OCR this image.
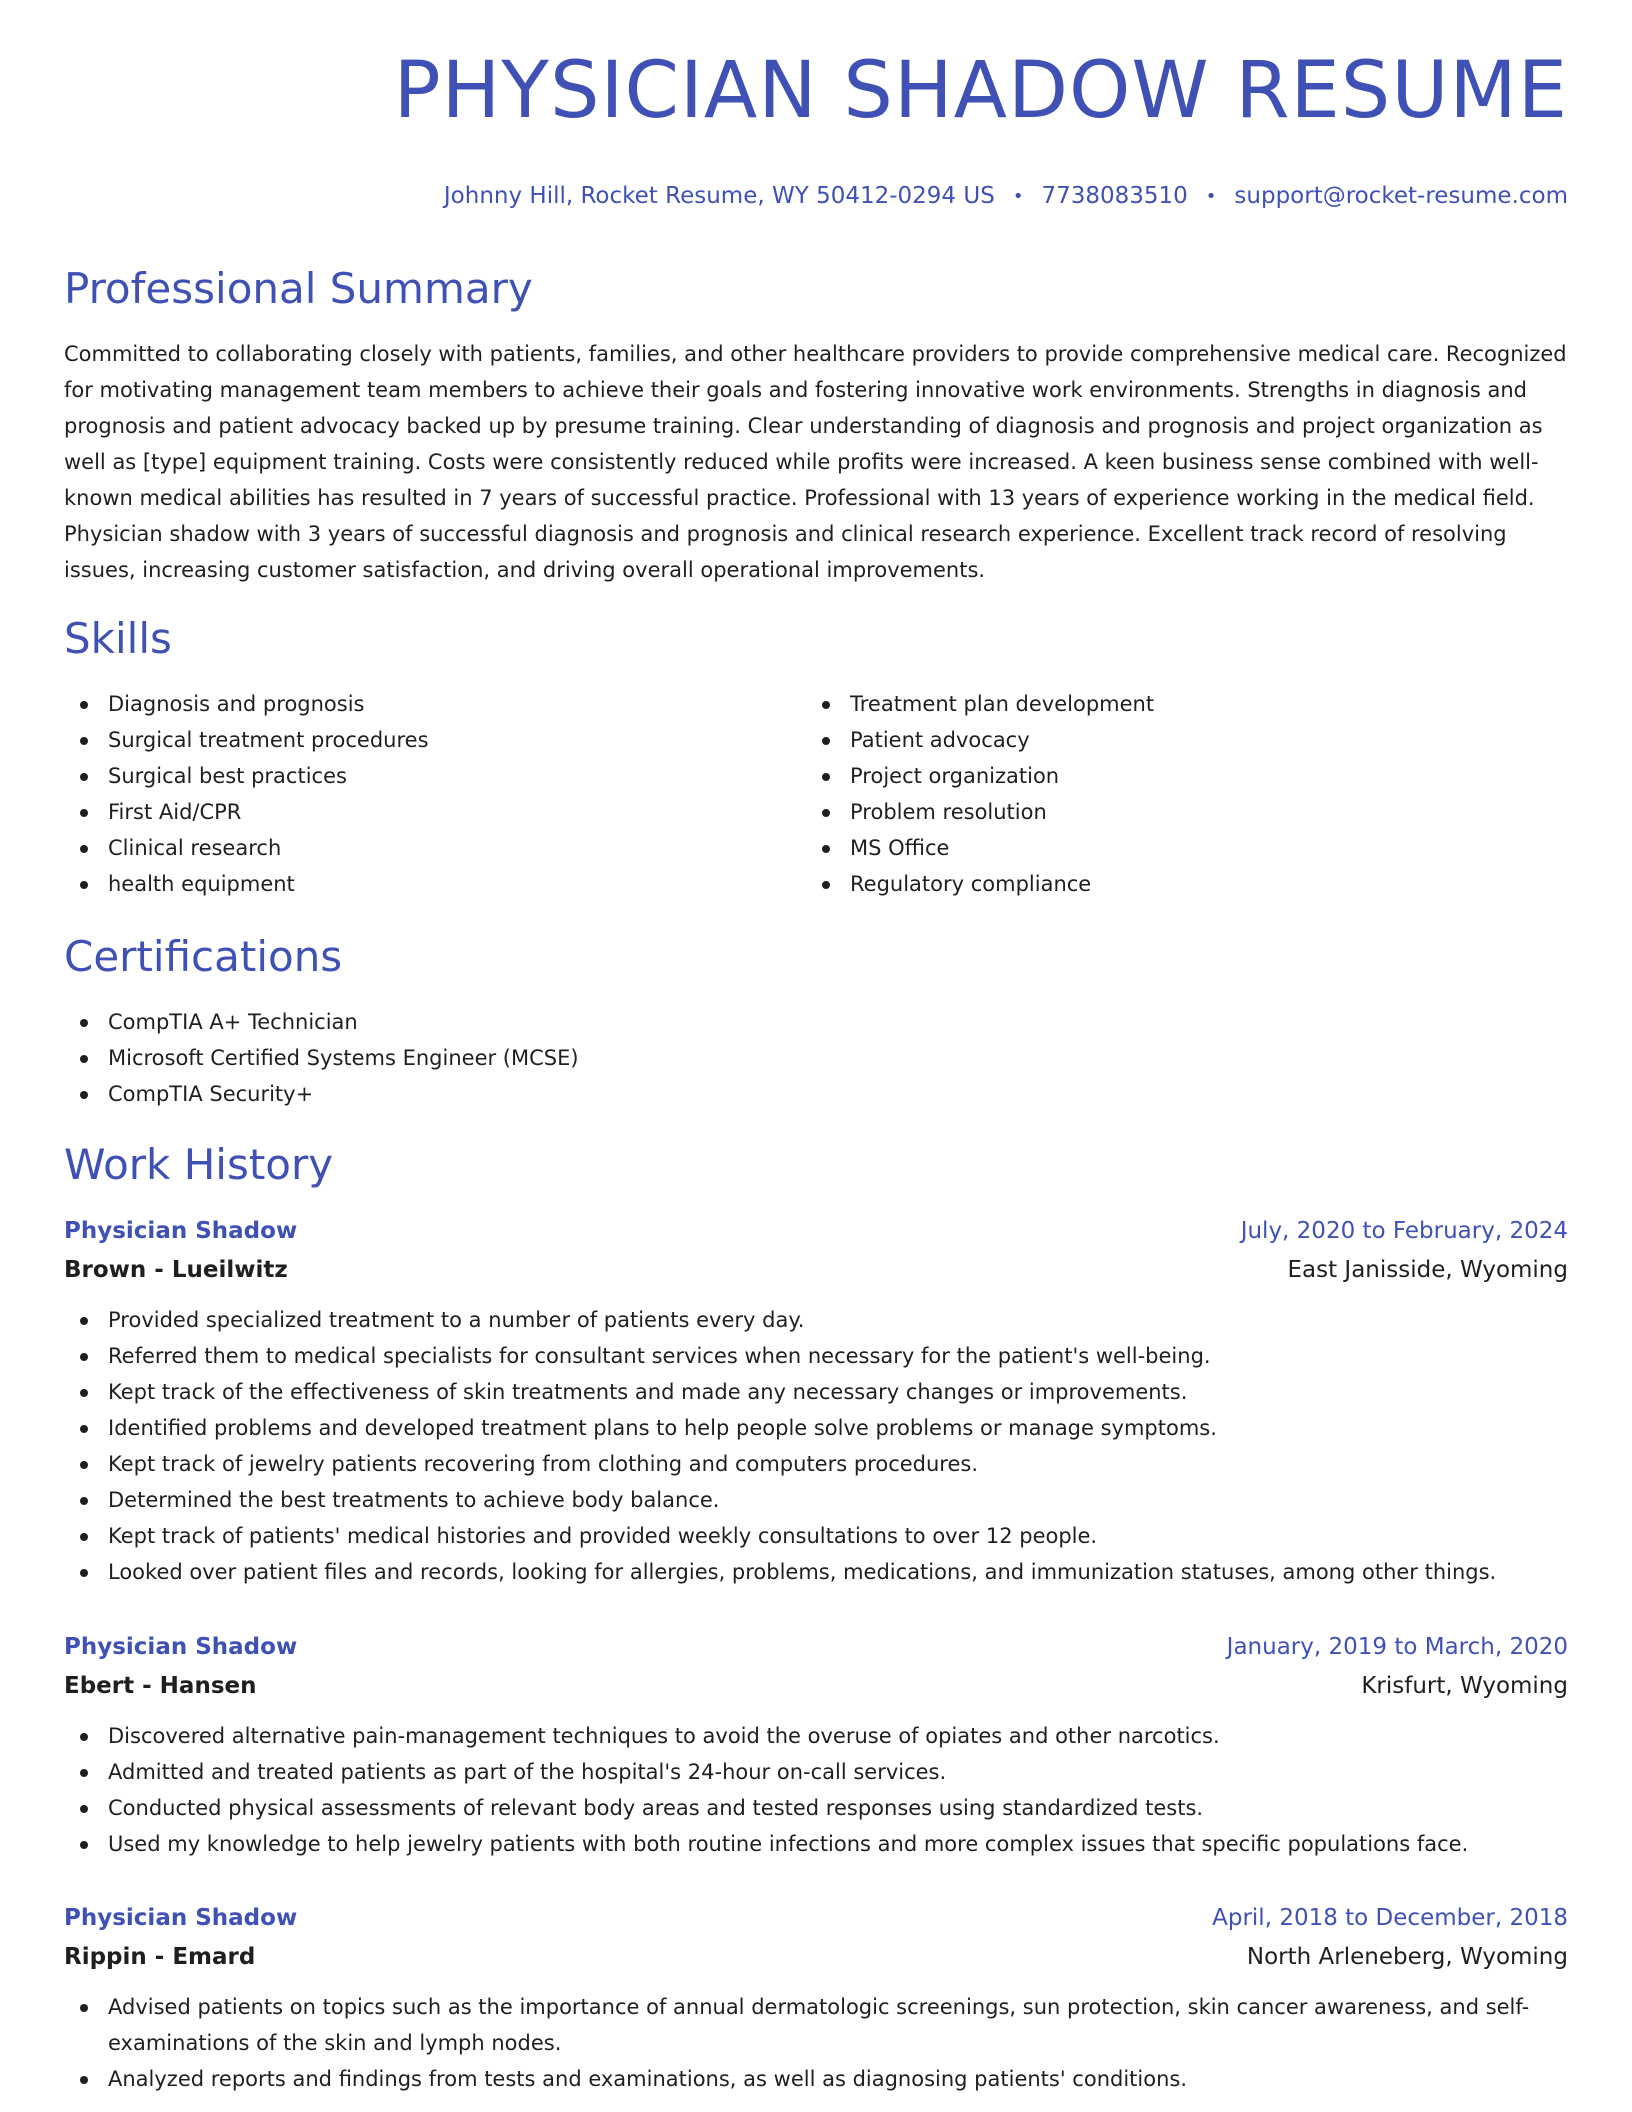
PHYSICIAN SHADOW RESUME
Johnny Hill, Rocket Resume, WY 50412-0294 US • 7738083510 • support@rocket-resume.com
Professional Summary

Committed to collaborating closely with patients, families, and other healthcare providers to provide comprehensive medical care. Recognized for motivating management team members to achieve their goals and fostering innovative work environments. Strengths in diagnosis and prognosis and patient advocacy backed up by presume training. Clear understanding of diagnosis and prognosis and project organization as well as [type] equipment training. Costs were consistently reduced while profits were increased. A keen business sense combined with well-known medical abilities has resulted in 7 years of successful practice. Professional with 13 years of experience working in the medical field. Physician shadow with 3 years of successful diagnosis and prognosis and clinical research experience. Excellent track record of resolving issues, increasing customer satisfaction, and driving overall operational improvements.

Skills
Diagnosis and prognosis
Surgical treatment procedures
Surgical best practices
First Aid/CPR
Clinical research
health equipment
Treatment plan development
Patient advocacy
Project organization
Problem resolution
MS Office
Regulatory compliance
Certifications
CompTIA A+ Technician
Microsoft Certified Systems Engineer (MCSE)
CompTIA Security+
Work History
Physician Shadow	July, 2020 to February, 2024
Brown - Lueilwitz	East Janisside, Wyoming
Provided specialized treatment to a number of patients every day.
Referred them to medical specialists for consultant services when necessary for the patient's well-being.
Kept track of the effectiveness of skin treatments and made any necessary changes or improvements.
Identified problems and developed treatment plans to help people solve problems or manage symptoms.
Kept track of jewelry patients recovering from clothing and computers procedures.
Determined the best treatments to achieve body balance.
Kept track of patients' medical histories and provided weekly consultations to over 12 people.
Looked over patient files and records, looking for allergies, problems, medications, and immunization statuses, among other things.
Physician Shadow	January, 2019 to March, 2020
Ebert - Hansen	Krisfurt, Wyoming
Discovered alternative pain-management techniques to avoid the overuse of opiates and other narcotics.
Admitted and treated patients as part of the hospital's 24-hour on-call services.
Conducted physical assessments of relevant body areas and tested responses using standardized tests.
Used my knowledge to help jewelry patients with both routine infections and more complex issues that specific populations face.
Physician Shadow	April, 2018 to December, 2018
Rippin - Emard	North Arleneberg, Wyoming
Advised patients on topics such as the importance of annual dermatologic screenings, sun protection, skin cancer awareness, and self-examinations of the skin and lymph nodes.
Analyzed reports and findings from tests and examinations, as well as diagnosing patients' conditions.
